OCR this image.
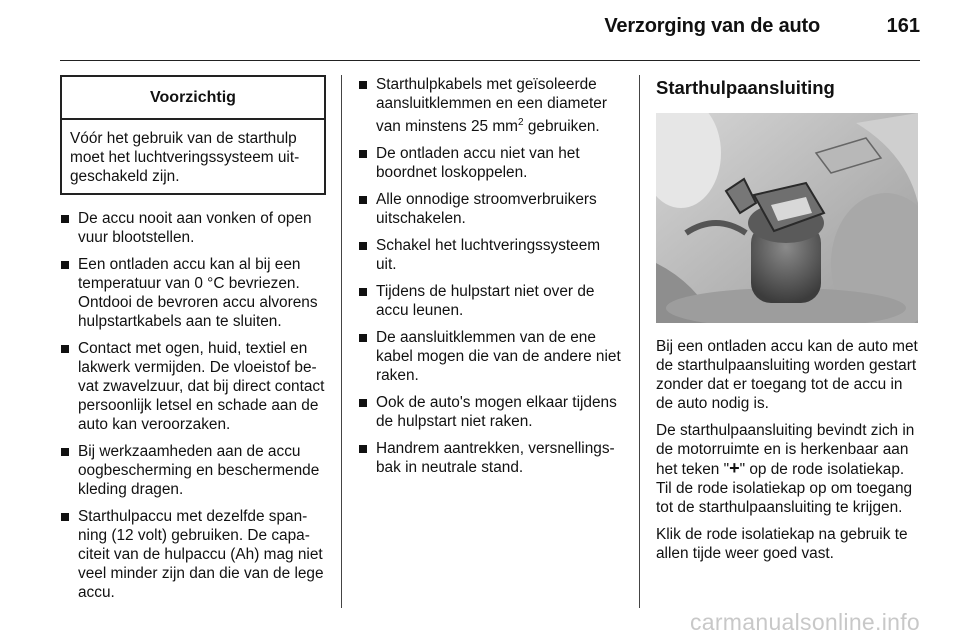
Verzorging van de auto	161
Voorzichtig
Vóór het gebruik van de starthulp moet het luchtveringssysteem uitgeschakeld zijn.
De accu nooit aan vonken of open vuur blootstellen.
Een ontladen accu kan al bij een temperatuur van 0 °C bevriezen. Ontdooi de bevroren accu alvorens hulpstartkabels aan te sluiten.
Contact met ogen, huid, textiel en lakwerk vermijden. De vloeistof bevat zwavelzuur, dat bij direct contact persoonlijk letsel en schade aan de auto kan veroorzaken.
Bij werkzaamheden aan de accu oogbescherming en beschermende kleding dragen.
Starthulpaccu met dezelfde spanning (12 volt) gebruiken. De capaciteit van de hulpaccu (Ah) mag niet veel minder zijn dan die van de lege accu.
Starthulpkabels met geïsoleerde aansluitklemmen en een diameter van minstens 25 $mm^2$ gebruiken.
De ontladen accu niet van het boordnet loskoppelen.
Alle onnodige stroomverbruikers uitschakelen.
Schakel het luchtveringssysteem uit.
Tijdens de hulpstart niet over de accu leunen.
De aansluitklemmen van de ene kabel mogen die van de andere niet raken.
Ook de auto's mogen elkaar tijdens de hulpstart niet raken.
Handrem aantrekken, versnellingsbak in neutrale stand.
Starthulpaansluiting

Bij een ontladen accu kan de auto met de starthulpaansluiting worden gestart zonder dat er toegang tot de accu in de auto nodig is.

De starthulpaansluiting bevindt zich in de motorruimte en is herkenbaar aan het teken "+" op de rode isolatiekap. Til de rode isolatiekap op om toegang tot de starthulpaansluiting te krijgen.

Klik de rode isolatiekap na gebruik te allen tijde weer goed vast.

carmanualsonline.info
